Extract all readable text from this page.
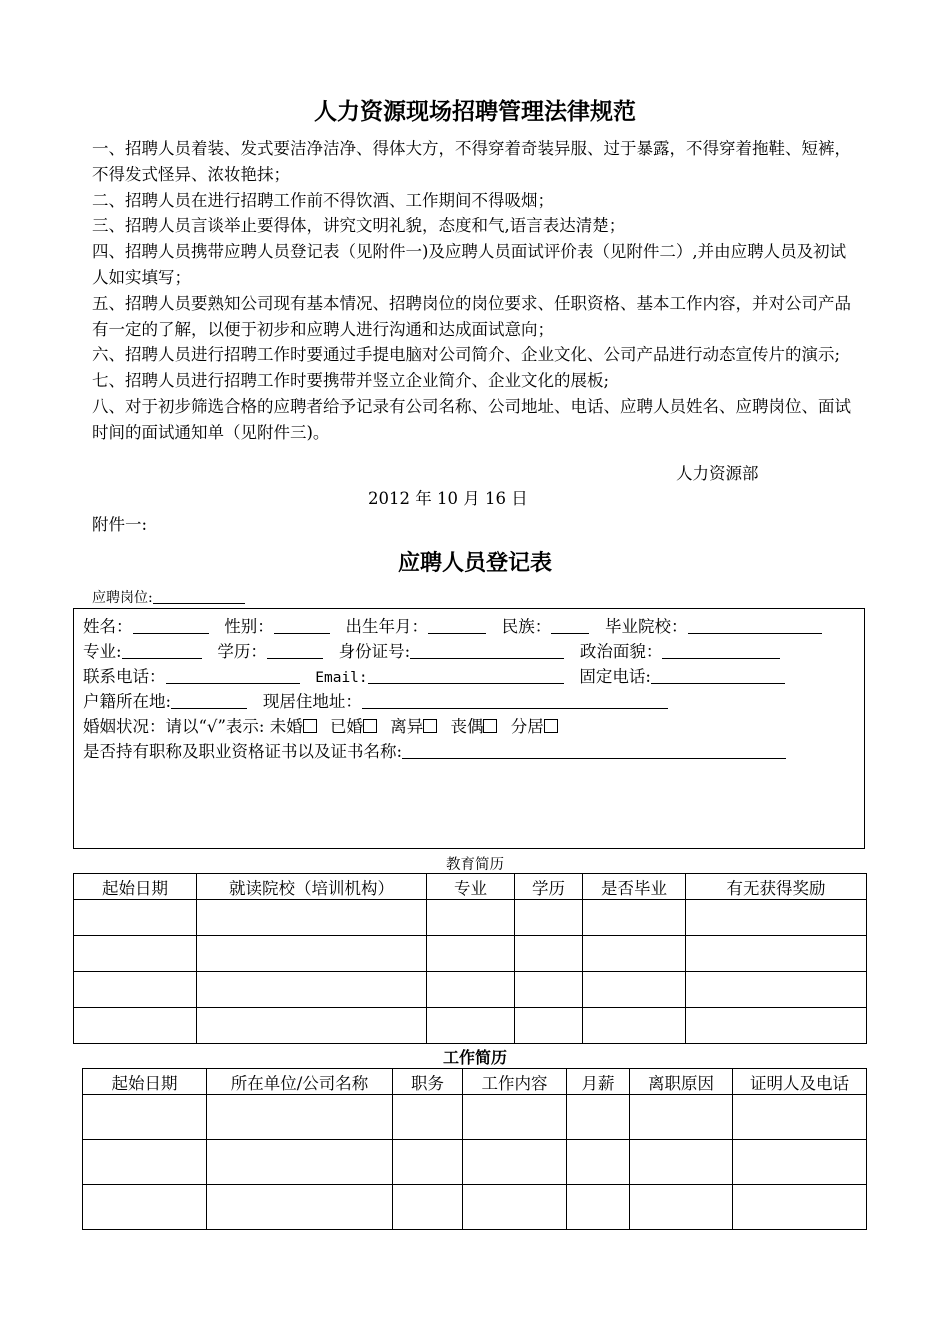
人力资源现场招聘管理法律规范

一、招聘人员着装、发式要洁净洁净、得体大方，不得穿着奇装异服、过于暴露，不得穿着拖鞋、短裤，不得发式怪异、浓妆艳抹；

二、招聘人员在进行招聘工作前不得饮酒、工作期间不得吸烟；

三、招聘人员言谈举止要得体，讲究文明礼貌，态度和气,语言表达清楚；

四、招聘人员携带应聘人员登记表（见附件一)及应聘人员面试评价表（见附件二）,并由应聘人员及初试人如实填写；

五、招聘人员要熟知公司现有基本情况、招聘岗位的岗位要求、任职资格、基本工作内容，并对公司产品有一定的了解，以便于初步和应聘人进行沟通和达成面试意向；

六、招聘人员进行招聘工作时要通过手提电脑对公司简介、企业文化、公司产品进行动态宣传片的演示;

七、招聘人员进行招聘工作时要携带并竖立企业简介、企业文化的展板;

八、对于初步筛选合格的应聘者给予记录有公司名称、公司地址、电话、应聘人员姓名、应聘岗位、面试时间的面试通知单（见附件三)。

人力资源部
2012 年 10 月 16 日
附件一:
应聘人员登记表
应聘岗位:
姓名：	性别：	出生年月：	民族：	毕业院校：
专业:	学历：	身份证号:	政治面貌：
联系电话：	Email:	固定电话:
户籍所在地:	现居住地址：
婚姻状况：请以“√”表示: 未婚 已婚 离异 丧偶 分居
是否持有职称及职业资格证书以及证书名称:
教育简历
起始日期	就读院校（培训机构）	专业	学历	是否毕业	有无获得奖励

工作简历
起始日期	所在单位/公司名称	职务	工作内容	月薪	离职原因	证明人及电话
